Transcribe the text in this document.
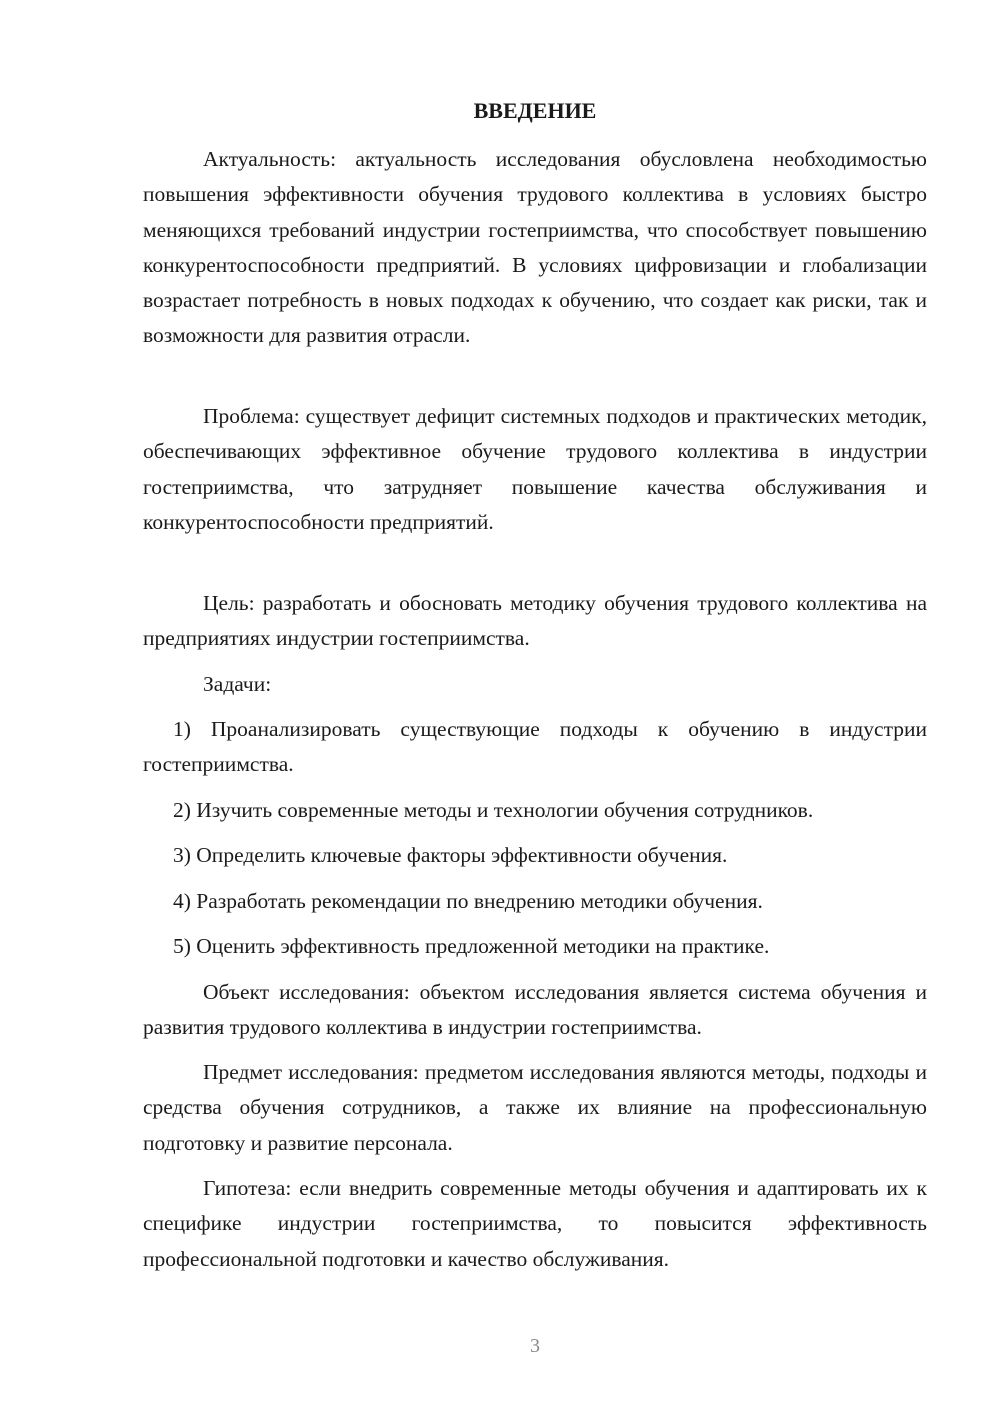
ВВЕДЕНИЕ

Актуальность: актуальность исследования обусловлена необходимостью повышения эффективности обучения трудового коллектива в условиях быстро меняющихся требований индустрии гостеприимства, что способствует повышению конкурентоспособности предприятий. В условиях цифровизации и глобализации возрастает потребность в новых подходах к обучению, что создает как риски, так и возможности для развития отрасли.

Проблема: существует дефицит системных подходов и практических методик, обеспечивающих эффективное обучение трудового коллектива в индустрии гостеприимства, что затрудняет повышение качества обслуживания и конкурентоспособности предприятий.

Цель: разработать и обосновать методику обучения трудового коллектива на предприятиях индустрии гостеприимства.

Задачи:

1) Проанализировать существующие подходы к обучению в индустрии гостеприимства.

2) Изучить современные методы и технологии обучения сотрудников.

3) Определить ключевые факторы эффективности обучения.

4) Разработать рекомендации по внедрению методики обучения.

5) Оценить эффективность предложенной методики на практике.

Объект исследования: объектом исследования является система обучения и развития трудового коллектива в индустрии гостеприимства.

Предмет исследования: предметом исследования являются методы, подходы и средства обучения сотрудников, а также их влияние на профессиональную подготовку и развитие персонала.

Гипотеза: если внедрить современные методы обучения и адаптировать их к специфике индустрии гостеприимства, то повысится эффективность профессиональной подготовки и качество обслуживания.

3
